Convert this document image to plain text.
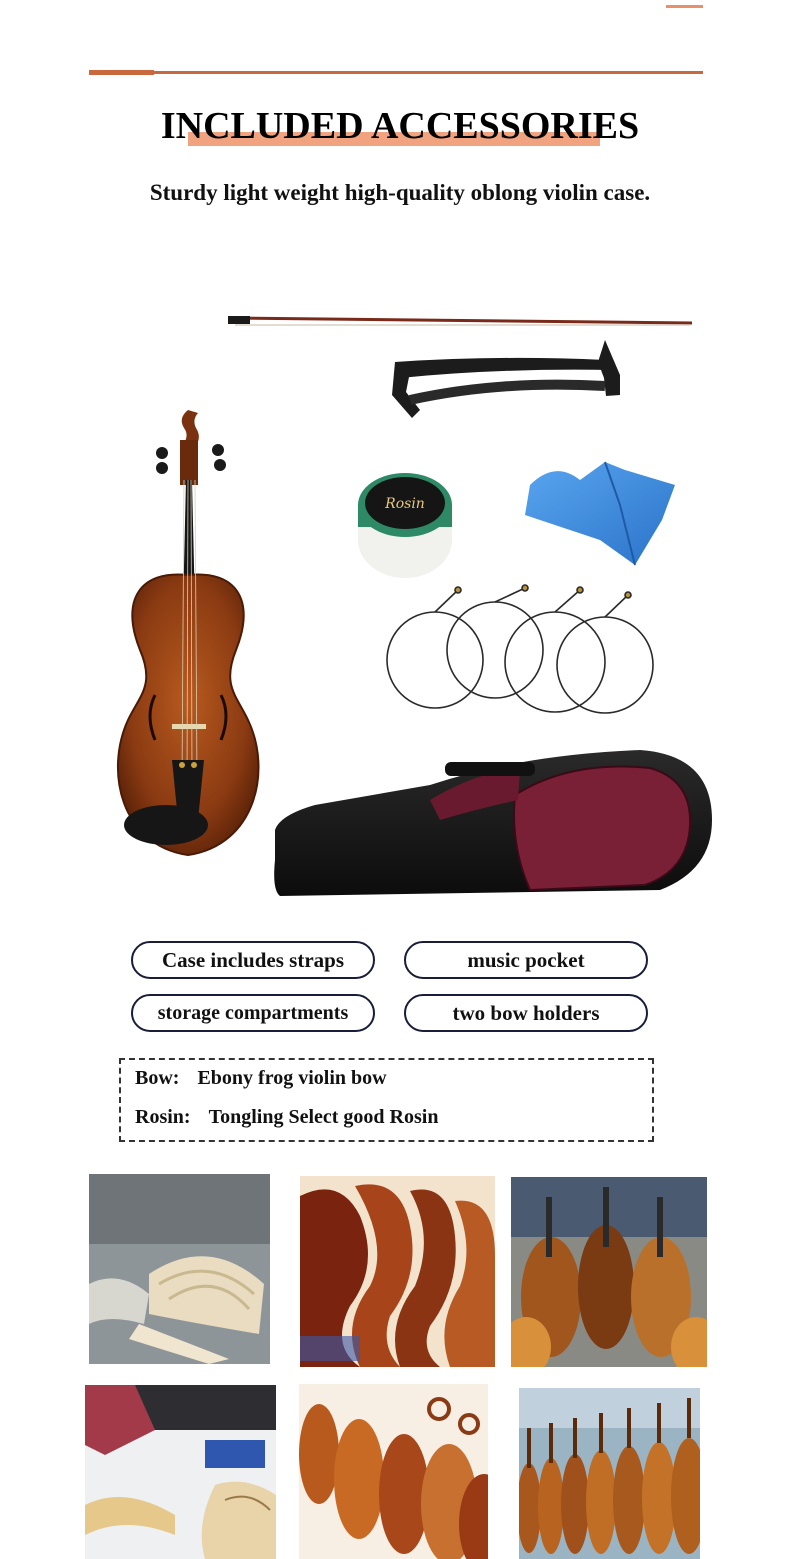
INCLUDED ACCESSORIES
Sturdy light weight high-quality oblong violin case.
Rosin
Case includes straps	music pocket
storage compartments	two bow holders
Bow: Ebony frog violin bow
Rosin: Tongling Select good Rosin
